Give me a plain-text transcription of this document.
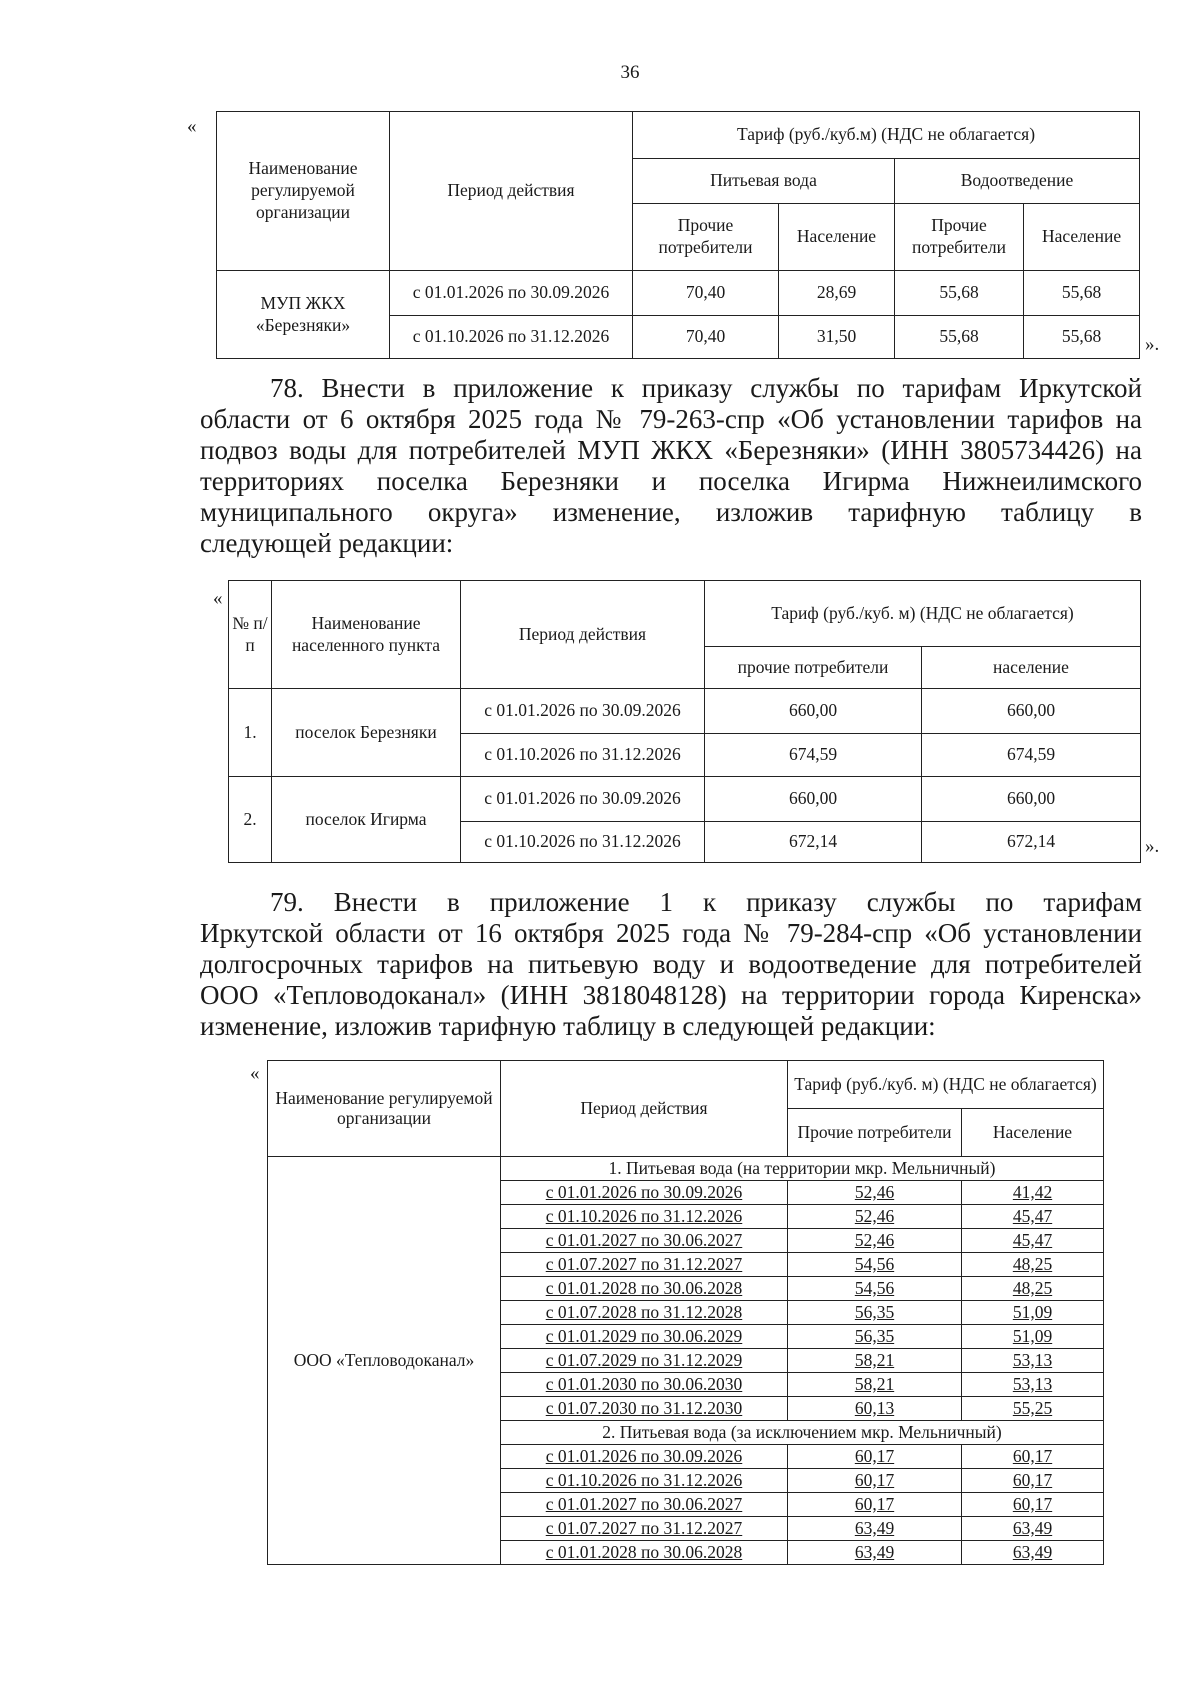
36
«
Наименование регулируемой организации	Период действия	Тариф (руб./куб.м) (НДС не облагается)			
		Питьевая вода		Водоотведение	
		Прочие потребители	Население	Прочие потребители	Население
МУП ЖКХ «Березняки»	с 01.01.2026 по 30.09.2026	70,40	28,69	55,68	55,68
	с 01.10.2026 по 31.12.2026	70,40	31,50	55,68	55,68 ».
78. Внести в приложение к приказу службы по тарифам Иркутской
области от 6 октября 2025 года № 79-263-спр «Об установлении тарифов на
подвоз воды для потребителей МУП ЖКХ «Березняки» (ИНН 3805734426) на
территориях поселка Березняки и поселка Игирма Нижнеилимского
муниципального округа» изменение, изложив тарифную таблицу в
следующей редакции:
«
№ п/п	Наименование населенного пункта	Период действия	Тариф (руб./куб. м) (НДС не облагается)	
			прочие потребители	население
1.	поселок Березняки	с 01.01.2026 по 30.09.2026	660,00	660,00
		с 01.10.2026 по 31.12.2026	674,59	674,59
2.	поселок Игирма	с 01.01.2026 по 30.09.2026	660,00	660,00
		с 01.10.2026 по 31.12.2026	672,14	672,14	».
79. Внести в приложение 1 к приказу службы по тарифам
Иркутской области от 16 октября 2025 года № 79-284-спр «Об установлении
долгосрочных тарифов на питьевую воду и водоотведение для потребителей
ООО «Тепловодоканал» (ИНН 3818048128) на территории города Киренска»
изменение, изложив тарифную таблицу в следующей редакции:
«
Наименование регулируемой организации	Период действия	Тариф (руб./куб. м) (НДС не облагается)	
		Прочие потребители	Население
ООО «Тепловодоканал»	1. Питьевая вода (на территории мкр. Мельничный)		
	с 01.01.2026 по 30.09.2026	52,46	41,42
	с 01.10.2026 по 31.12.2026	52,46	45,47
	с 01.01.2027 по 30.06.2027	52,46	45,47
	с 01.07.2027 по 31.12.2027	54,56	48,25
	с 01.01.2028 по 30.06.2028	54,56	48,25
	с 01.07.2028 по 31.12.2028	56,35	51,09
	с 01.01.2029 по 30.06.2029	56,35	51,09
	с 01.07.2029 по 31.12.2029	58,21	53,13
	с 01.01.2030 по 30.06.2030	58,21	53,13
	с 01.07.2030 по 31.12.2030	60,13	55,25
	2. Питьевая вода (за исключением мкр. Мельничный)		
	с 01.01.2026 по 30.09.2026	60,17	60,17
	с 01.10.2026 по 31.12.2026	60,17	60,17
	с 01.01.2027 по 30.06.2027	60,17	60,17
	с 01.07.2027 по 31.12.2027	63,49	63,49
	с 01.01.2028 по 30.06.2028	63,49	63,49
